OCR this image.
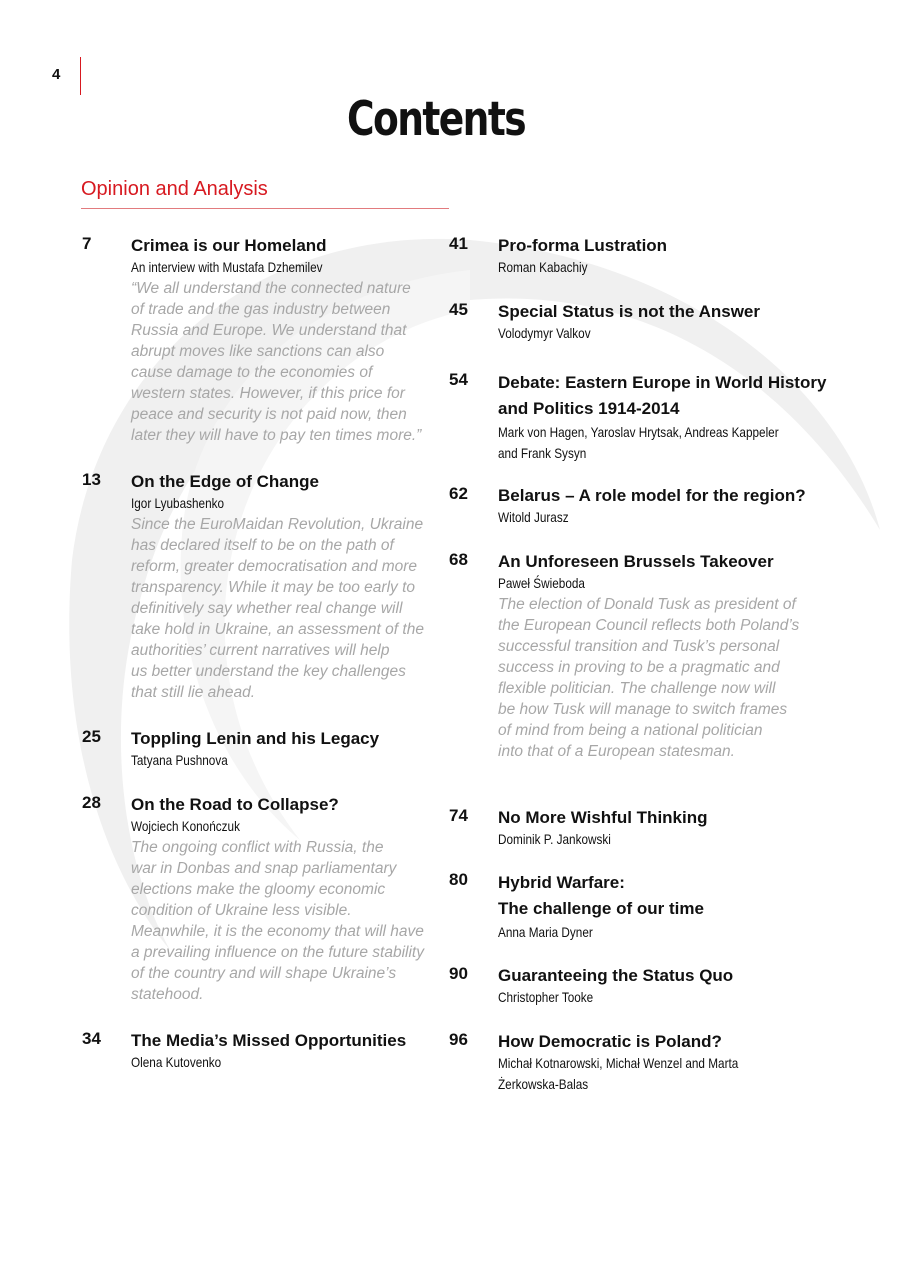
4
Contents
Opinion and Analysis
7 Crimea is our Homeland
An interview with Mustafa Dzhemilev

“We all understand the connected nature
of trade and the gas industry between
Russia and Europe. We understand that
abrupt moves like sanctions can also
cause damage to the economies of
western states. However, if this price for
peace and security is not paid now, then
later they will have to pay ten times more.”

13 On the Edge of Change
Igor Lyubashenko

Since the EuroMaidan Revolution, Ukraine
has declared itself to be on the path of
reform, greater democratisation and more
transparency. While it may be too early to
definitively say whether real change will
take hold in Ukraine, an assessment of the
authorities’ current narratives will help
us better understand the key challenges
that still lie ahead.

25 Toppling Lenin and his Legacy
Tatyana Pushnova
28 On the Road to Collapse?
Wojciech Konończuk

The ongoing conflict with Russia, the
war in Donbas and snap parliamentary
elections make the gloomy economic
condition of Ukraine less visible.
Meanwhile, it is the economy that will have
a prevailing influence on the future stability
of the country and will shape Ukraine’s
statehood.

34 The Media’s Missed Opportunities
Olena Kutovenko
41 Pro-forma Lustration
Roman Kabachiy
45 Special Status is not the Answer
Volodymyr Valkov
54 Debate: Eastern Europe in World History
and Politics 1914-2014
Mark von Hagen, Yaroslav Hrytsak, Andreas Kappeler
and Frank Sysyn
62 Belarus – A role model for the region?
Witold Jurasz
68 An Unforeseen Brussels Takeover
Paweł Świeboda

The election of Donald Tusk as president of
the European Council reflects both Poland’s
successful transition and Tusk’s personal
success in proving to be a pragmatic and
flexible politician. The challenge now will
be how Tusk will manage to switch frames
of mind from being a national politician
into that of a European statesman.

74 No More Wishful Thinking
Dominik P. Jankowski
80 Hybrid Warfare:
The challenge of our time
Anna Maria Dyner
90 Guaranteeing the Status Quo
Christopher Tooke
96 How Democratic is Poland?
Michał Kotnarowski, Michał Wenzel and Marta
Żerkowska-Balas
